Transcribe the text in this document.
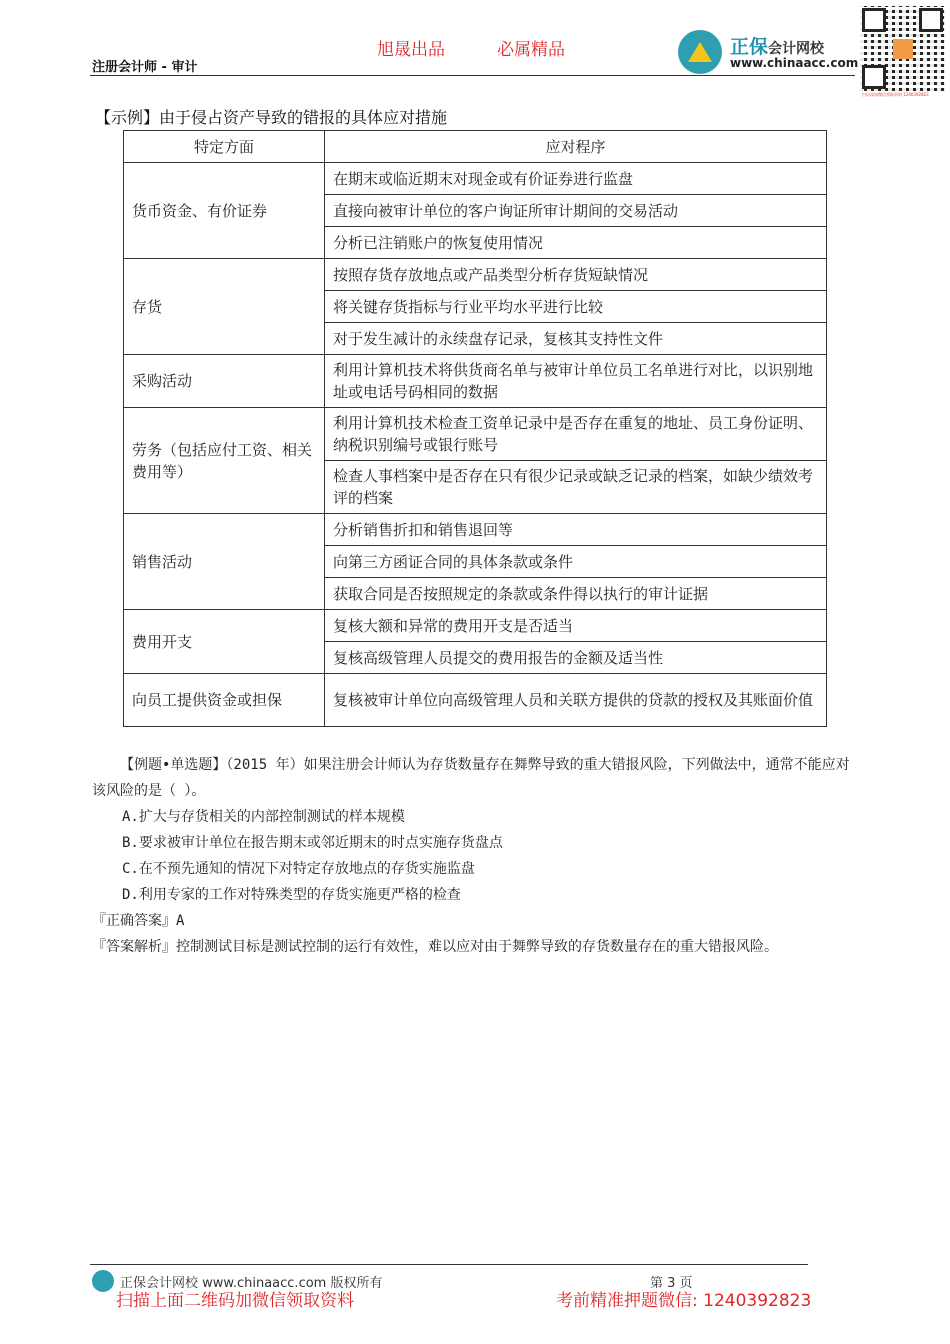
旭晟出品	必属精品
注册会计师 - 审计
正保会计网校
www.chinaacc.com
扫码添加微信领取资料 1240392823
【示例】由于侵占资产导致的错报的具体应对措施
特定方面	应对程序
货币资金、有价证券	在期末或临近期末对现金或有价证券进行监盘
	直接向被审计单位的客户询证所审计期间的交易活动
	分析已注销账户的恢复使用情况
存货	按照存货存放地点或产品类型分析存货短缺情况
	将关键存货指标与行业平均水平进行比较
	对于发生减计的永续盘存记录，复核其支持性文件
采购活动	利用计算机技术将供货商名单与被审计单位员工名单进行对比，以识别地址或电话号码相同的数据
劳务（包括应付工资、相关费用等）	利用计算机技术检查工资单记录中是否存在重复的地址、员工身份证明、纳税识别编号或银行账号
	检查人事档案中是否存在只有很少记录或缺乏记录的档案，如缺少绩效考评的档案
销售活动	分析销售折扣和销售退回等
	向第三方函证合同的具体条款或条件
	获取合同是否按照规定的条款或条件得以执行的审计证据
费用开支	复核大额和异常的费用开支是否适当
	复核高级管理人员提交的费用报告的金额及适当性
向员工提供资金或担保	复核被审计单位向高级管理人员和关联方提供的贷款的授权及其账面价值
【例题•单选题】（2015 年）如果注册会计师认为存货数量存在舞弊导致的重大错报风险，下列做法中，通常不能应对该风险的是（ ）。
A.扩大与存货相关的内部控制测试的样本规模
B.要求被审计单位在报告期末或邻近期末的时点实施存货盘点
C.在不预先通知的情况下对特定存放地点的存货实施监盘
D.利用专家的工作对特殊类型的存货实施更严格的检查
『正确答案』A
『答案解析』控制测试目标是测试控制的运行有效性，难以应对由于舞弊导致的存货数量存在的重大错报风险。
正保会计网校 www.chinaacc.com 版权所有	第 3 页
扫描上面二维码加微信领取资料	考前精准押题微信: 1240392823
